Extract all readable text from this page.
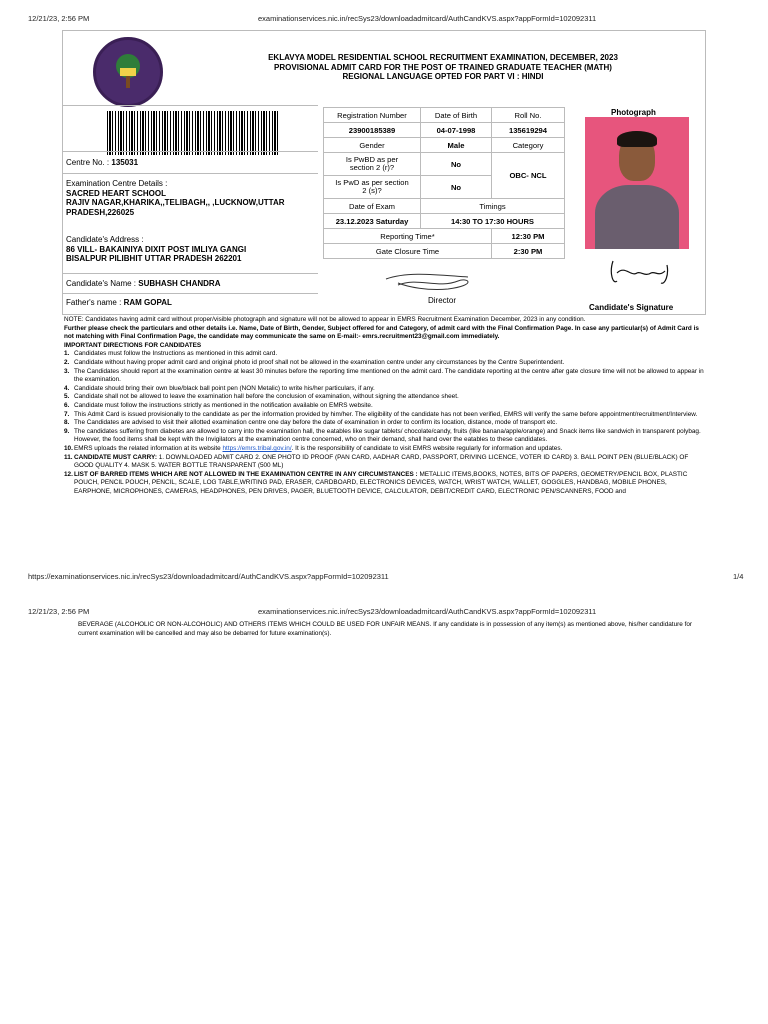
12/21/23, 2:56 PM	examinationservices.nic.in/recSys23/downloadadmitcard/AuthCandKVS.aspx?appFormId=102092311
EKLAVYA MODEL RESIDENTIAL SCHOOL RECRUITMENT EXAMINATION, DECEMBER, 2023
PROVISIONAL ADMIT CARD FOR THE POST OF TRAINED GRADUATE TEACHER (MATH)
REGIONAL LANGUAGE OPTED FOR PART VI : HINDI
Centre No. : 135031
Examination Centre Details :
SACRED HEART SCHOOL
RAJIV NAGAR,KHARIKA,,TELIBAGH,, ,LUCKNOW,UTTAR
PRADESH,226025
Candidate's Address :
86 VILL- BAKAINIYA DIXIT POST IMLIYA GANGI
BISALPUR PILIBHIT UTTAR PRADESH 262201
Candidate's Name : SUBHASH CHANDRA
Father's name : RAM GOPAL
Registration Number	Date of Birth	Roll No.
23900185389	04-07-1998	135619294
Gender	Male	Category
Is PwBD as per
section 2 (r)?	No	OBC- NCL
Is PwD as per section
2 (s)?	No	
Date of Exam	Timings	
23.12.2023 Saturday	14:30 TO 17:30 HOURS	
Reporting Time*		12:30 PM
Gate Closure Time		2:30 PM
Director
Photograph
Candidate's Signature

NOTE: Candidates having admit card without proper/visible photograph and signature will not be allowed to appear in EMRS Recruitment Examination December, 2023 in any condition.

Further please check the particulars and other details i.e. Name, Date of Birth, Gender, Subject offered for and Category, of admit card with the Final Confirmation Page. In case any particular(s) of Admit Card is not matching with Final Confirmation Page, the candidate may communicate the same on E-mail:- emrs.recruitment23@gmail.com immediately.

IMPORTANT DIRECTIONS FOR CANDIDATES

1. Candidates must follow the Instructions as mentioned in this admit card.
2. Candidate without having proper admit card and original photo id proof shall not be allowed in the examination centre under any circumstances by the Centre Superintendent.
3. The Candidates should report at the examination centre at least 30 minutes before the reporting time mentioned on the admit card. The candidate reporting at the centre after gate closure time will not be allowed to appear in the examination.
4. Candidate should bring their own blue/black ball point pen (NON Metalic) to write his/her particulars, if any.
5. Candidate shall not be allowed to leave the examination hall before the conclusion of examination, without signing the attendance sheet.
6. Candidate must follow the instructions strictly as mentioned in the notification available on EMRS website.
7. This Admit Card is issued provisionally to the candidate as per the information provided by him/her. The eligibility of the candidate has not been verified, EMRS will verify the same before appointment/recruitment/Interview.
8. The Candidates are advised to visit their allotted examination centre one day before the date of examination in order to confirm its location, distance, mode of transport etc.
9. The candidates suffering from diabetes are allowed to carry into the examination hall, the eatables like sugar tablets/ chocolate/candy, fruits (like banana/apple/orange) and Snack items like sandwich in transparent polybag. However, the food items shall be kept with the Invigilators at the examination centre concerned, who on their demand, shall hand over the eatables to these candidates.
10. EMRS uploads the related information at its website https://emrs.tribal.gov.in/. It is the responsibility of candidate to visit EMRS website regularly for information and updates.
11. CANDIDATE MUST CARRY: 1. DOWNLOADED ADMIT CARD 2. ONE PHOTO ID PROOF (PAN CARD, AADHAR CARD, PASSPORT, DRIVING LICENCE, VOTER ID CARD) 3. BALL POINT PEN (BLUE/BLACK) OF GOOD QUALITY 4. MASK 5. WATER BOTTLE TRANSPARENT (500 ML)
12. LIST OF BARRED ITEMS WHICH ARE NOT ALLOWED IN THE EXAMINATION CENTRE IN ANY CIRCUMSTANCES : METALLIC ITEMS,BOOKS, NOTES, BITS OF PAPERS, GEOMETRY/PENCIL BOX, PLASTIC POUCH, PENCIL POUCH, PENCIL, SCALE, LOG TABLE,WRITING PAD, ERASER, CARDBOARD, ELECTRONICS DEVICES, WATCH, WRIST WATCH, WALLET, GOGGLES, HANDBAG, MOBILE PHONES, EARPHONE, MICROPHONES, CAMERAS, HEADPHONES, PEN DRIVES, PAGER, BLUETOOTH DEVICE, CALCULATOR, DEBIT/CREDIT CARD, ELECTRONIC PEN/SCANNERS, FOOD and
https://examinationservices.nic.in/recSys23/downloadadmitcard/AuthCandKVS.aspx?appFormId=102092311	1/4
12/21/23, 2:56 PM	examinationservices.nic.in/recSys23/downloadadmitcard/AuthCandKVS.aspx?appFormId=102092311
BEVERAGE (ALCOHOLIC OR NON-ALCOHOLIC) AND OTHERS ITEMS WHICH COULD BE USED FOR UNFAIR MEANS. If any candidate is in possession of any item(s) as mentioned above, his/her candidature for current examination will be cancelled and may also be debarred for future examination(s).
